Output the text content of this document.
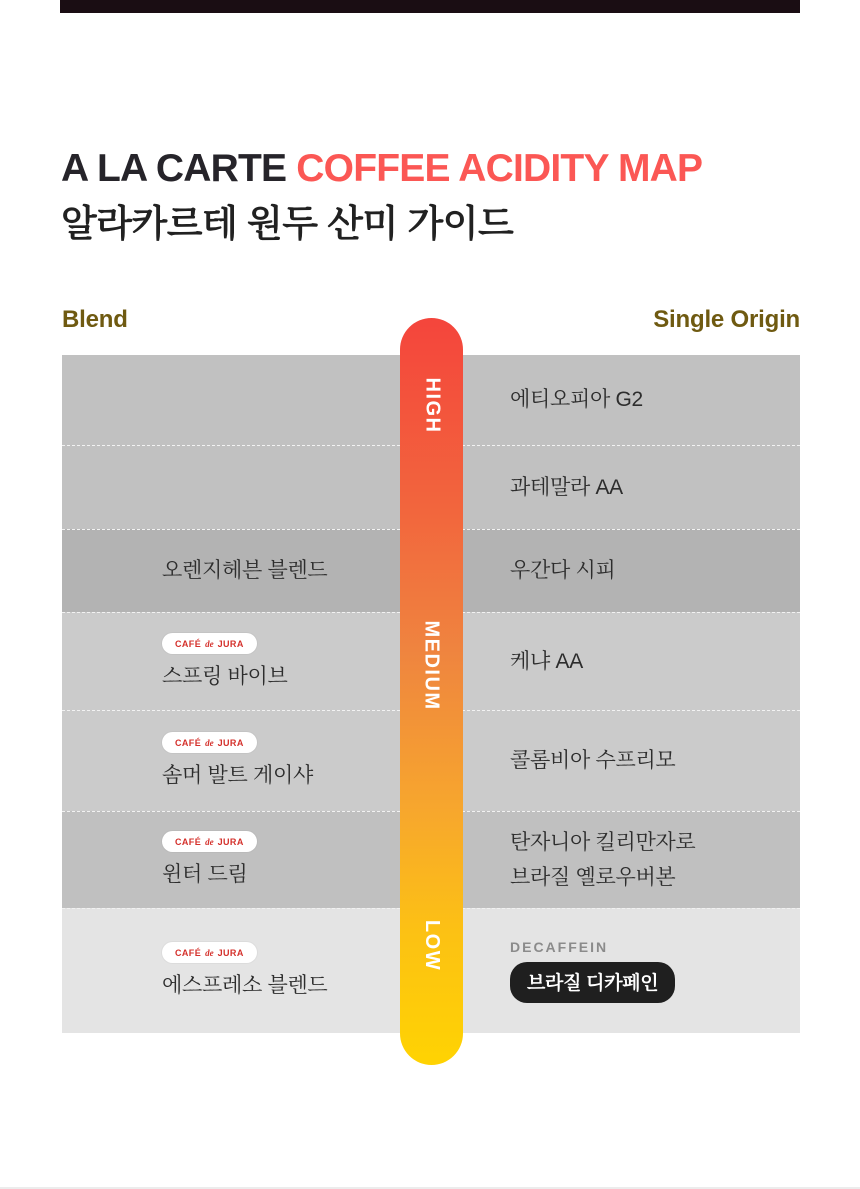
A LA CARTE COFFEE ACIDITY MAP
알라카르테 원두 산미 가이드
Blend	Single Origin
에티오피아 G2
과테말라 AA
오렌지헤븐 블렌드	우간다 시피
CAFÉ de JURA
스프링 바이브
케냐 AA
CAFÉ de JURA
솜머 발트 게이샤
콜롬비아 수프리모
CAFÉ de JURA
윈터 드림
탄자니아 킬리만자로
브라질 옐로우버본
CAFÉ de JURA
에스프레소 블렌드
DECAFFEIN
브라질 디카페인
HIGH
MEDIUM
LOW
